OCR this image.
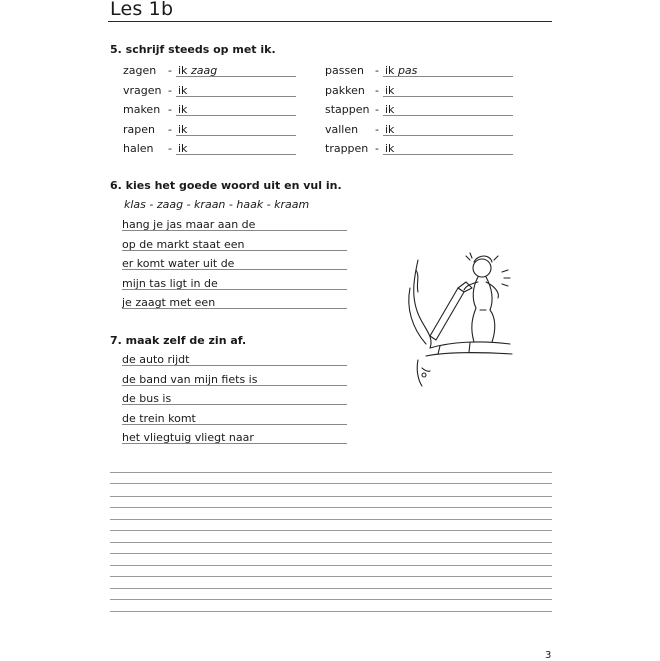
Les 1b
5. schrijf steeds op met ik.
zagen - ik zaag
vragen - ik
maken - ik
rapen - ik
halen - ik
passen - ik pas
pakken - ik
stappen - ik
vallen - ik
trappen - ik
6. kies het goede woord uit en vul in.
klas - zaag - kraan - haak - kraam
hang je jas maar aan de
op de markt staat een
er komt water uit de
mijn tas ligt in de
je zaagt met een
7. maak zelf de zin af.
de auto rijdt
de band van mijn fiets is
de bus is
de trein komt
het vliegtuig vliegt naar
3
